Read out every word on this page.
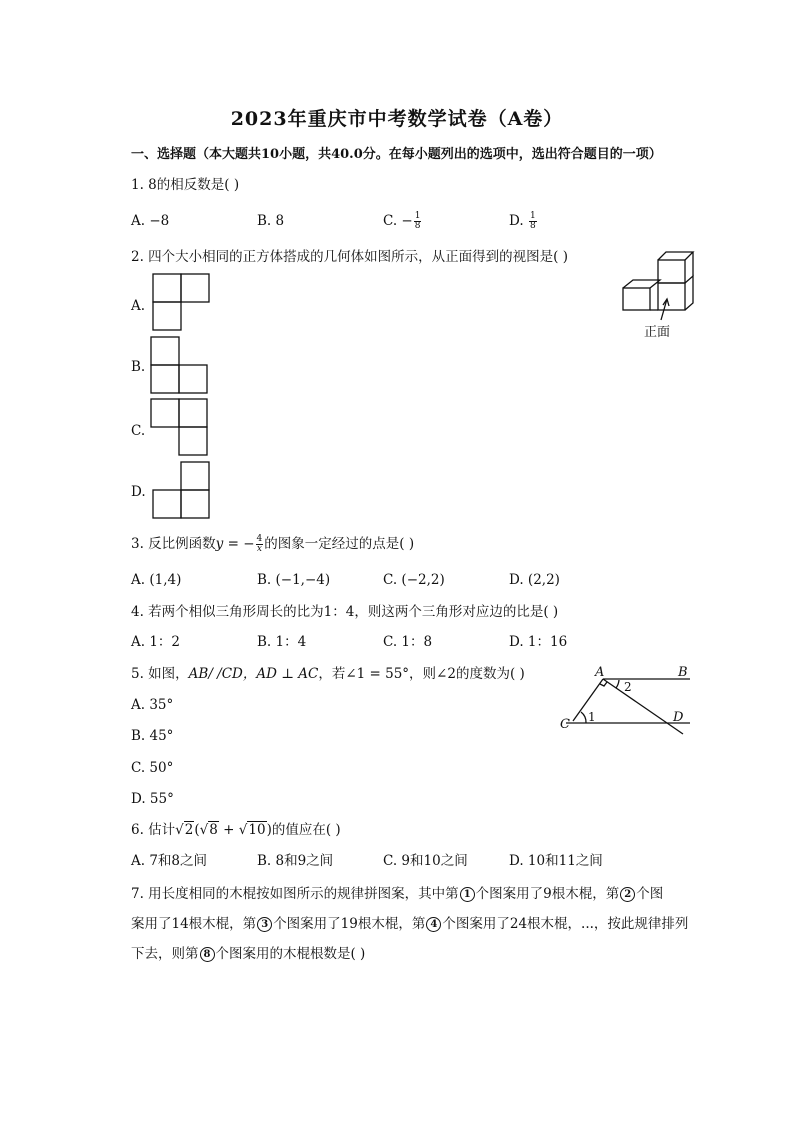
2023年重庆市中考数学试卷（A卷）
一、选择题（本大题共10小题，共40.0分。在每小题列出的选项中，选出符合题目的一项）
1. 8的相反数是( )
A. −8	B. 8	C. − $\frac{1}{8}$	D. $\frac{1}{8}$
2. 四个大小相同的正方体搭成的几何体如图所示，从正面得到的视图是( )
A.
B.
C.
D.
正面
3. 反比例函数y = − $\frac{4}{x}$ 的图象一定经过的点是( )
A. (1,4)	B. (−1,−4)	C. (−2,2)	D. (2,2)
4. 若两个相似三角形周长的比为1：4，则这两个三角形对应边的比是( )
A. 1：2	B. 1：4	C. 1：8	D. 1：16
5. 如图，AB/ /CD，AD ⊥ AC，若∠1 = 55°，则∠2的度数为( )
A. 35°
B. 45°
C. 50°
D. 55°
A	B
C	D
1
2
6. 估计√2(√8 + √10)的值应在( )
A. 7和8之间	B. 8和9之间	C. 9和10之间	D. 10和11之间
7. 用长度相同的木棍按如图所示的规律拼图案，其中第 1 个图案用了9根木棍，第 2 个图
案用了14根木棍，第 3 个图案用了19根木棍，第 4 个图案用了24根木棍，...，按此规律排列
下去，则第 8 个图案用的木棍根数是( )
